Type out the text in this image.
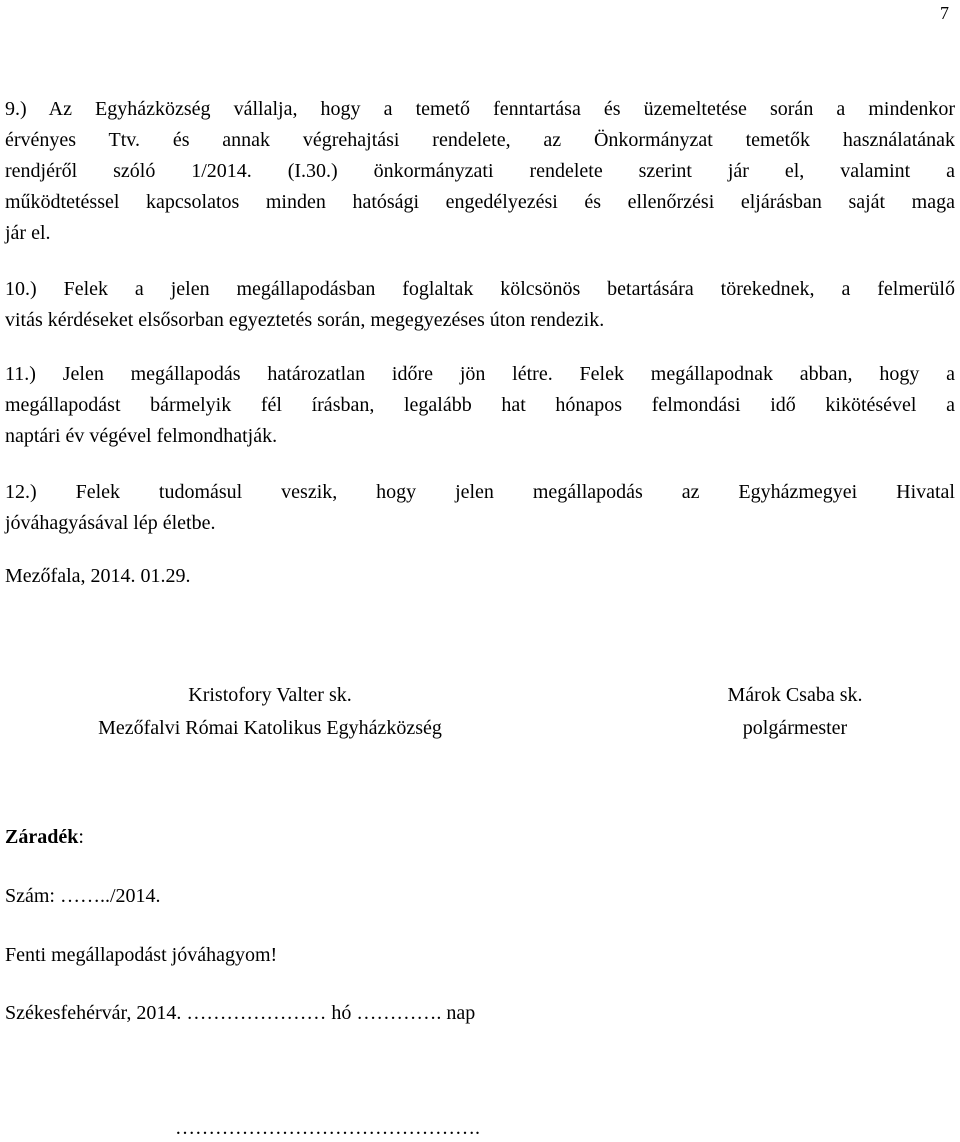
7
9.) Az Egyházközség vállalja, hogy a temető fenntartása és üzemeltetése során a mindenkor
érvényes Ttv. és annak végrehajtási rendelete, az Önkormányzat temetők használatának
rendjéről szóló 1/2014. (I.30.) önkormányzati rendelete szerint jár el, valamint a
működtetéssel kapcsolatos minden hatósági engedélyezési és ellenőrzési eljárásban saját maga
jár el.
10.) Felek a jelen megállapodásban foglaltak kölcsönös betartására törekednek, a felmerülő
vitás kérdéseket elsősorban egyeztetés során, megegyezéses úton rendezik.
11.) Jelen megállapodás határozatlan időre jön létre. Felek megállapodnak abban, hogy a
megállapodást bármelyik fél írásban, legalább hat hónapos felmondási idő kikötésével a
naptári év végével felmondhatják.
12.) Felek tudomásul veszik, hogy jelen megállapodás az Egyházmegyei Hivatal
jóváhagyásával lép életbe.
Mezőfala, 2014. 01.29.
Kristofory Valter sk.
Mezőfalvi Római Katolikus Egyházközség
Márok Csaba sk.
polgármester
Záradék:
Szám: ……../2014.
Fenti megállapodást jóváhagyom!
Székesfehérvár, 2014. ………………… hó …………. nap
……………………………………….
